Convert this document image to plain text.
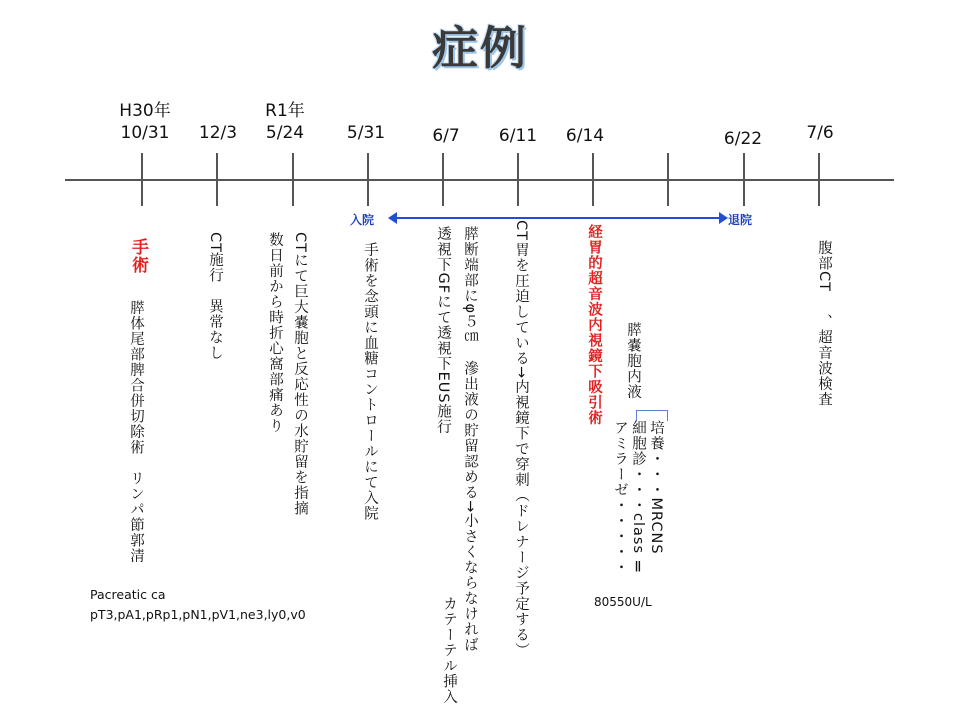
症例
H30年
10/31	12/3
R1年
5/24	5/31	6/7	6/11	6/14	6/22	7/6
入院	退院
手術
膵体尾部脾合併切除術　リンパ節郭清
Pacreatic ca
pT3,pA1,pRp1,pN1,pV1,ne3,ly0,v0
CT
施行　異常なし	CTにて巨大嚢胞と反応性の水貯留を指摘
数日前から時折心窩部痛あり	手術を念頭に血糖コントロールにて入院	透視下GFにて透視下EUS施行 膵断端部にφ５㎝　滲出液の貯留認める→小さくならなければ
カテーテル挿入
CT
胃を圧迫している→内視鏡下で穿刺（ドレナージ予定する）	経胃的超音波内視鏡下吸引術 膵嚢胞内液
培養・・・MRCNS
細胞診・・・class Ⅱ
アミラーゼ・・・・・
80550U/L
腹部CT
、超音波検査
